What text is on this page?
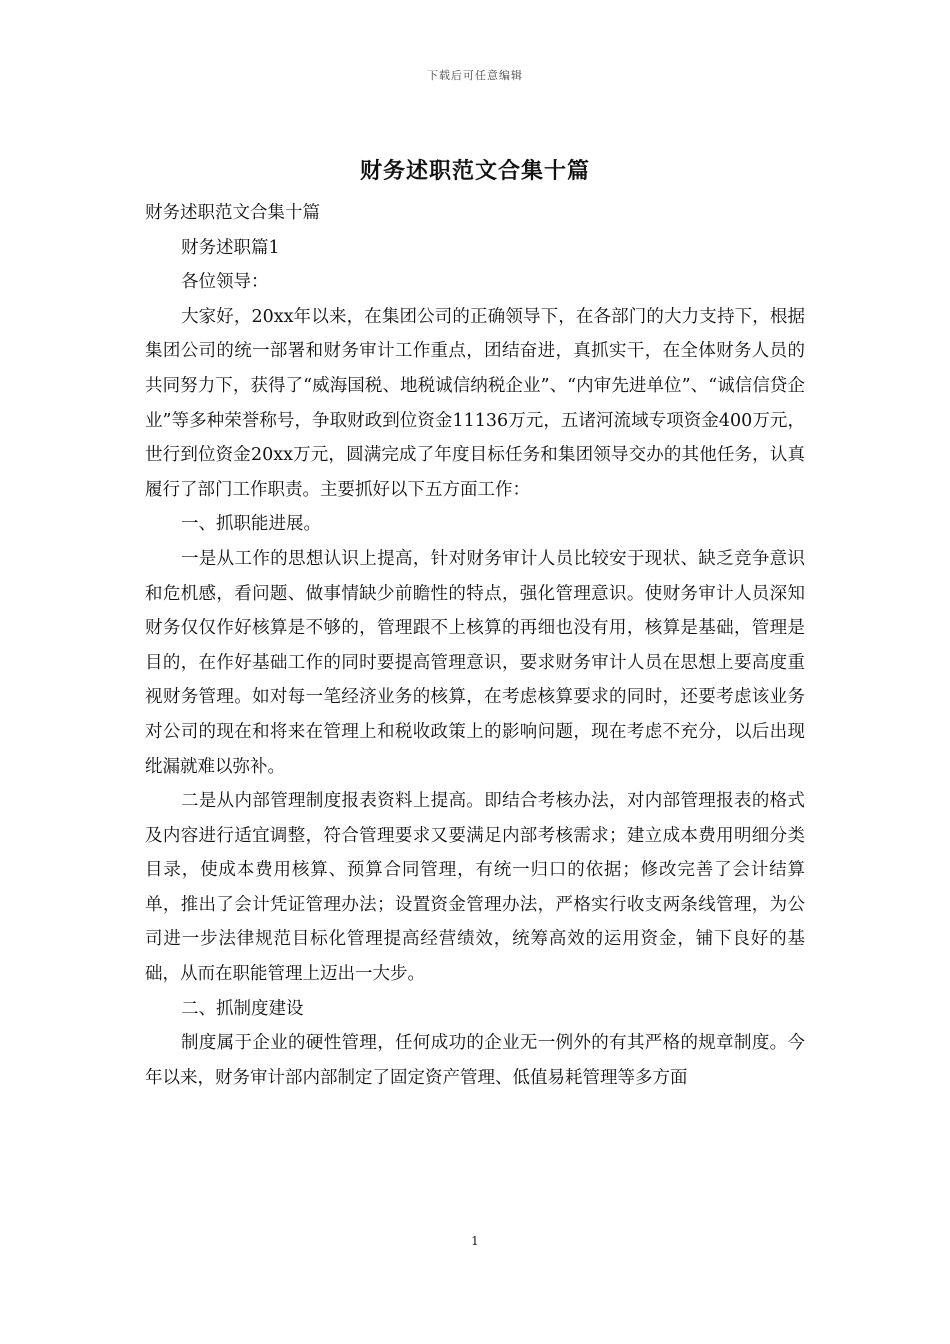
下载后可任意编辑
财务述职范文合集十篇

财务述职范文合集十篇

财务述职篇1

各位领导：

大家好，20xx年以来，在集团公司的正确领导下，在各部门的大力支持下，根据集团公司的统一部署和财务审计工作重点，团结奋进，真抓实干，在全体财务人员的共同努力下，获得了“威海国税、地税诚信纳税企业”、“内审先进单位”、“诚信信贷企业”等多种荣誉称号，争取财政到位资金11136万元，五诸河流域专项资金400万元，世行到位资金20xx万元，圆满完成了年度目标任务和集团领导交办的其他任务，认真履行了部门工作职责。主要抓好以下五方面工作：

一、抓职能进展。

一是从工作的思想认识上提高，针对财务审计人员比较安于现状、缺乏竞争意识和危机感，看问题、做事情缺少前瞻性的特点，强化管理意识。使财务审计人员深知财务仅仅作好核算是不够的，管理跟不上核算的再细也没有用，核算是基础，管理是目的，在作好基础工作的同时要提高管理意识，要求财务审计人员在思想上要高度重视财务管理。如对每一笔经济业务的核算，在考虑核算要求的同时，还要考虑该业务对公司的现在和将来在管理上和税收政策上的影响问题，现在考虑不充分，以后出现纰漏就难以弥补。

二是从内部管理制度报表资料上提高。即结合考核办法，对内部管理报表的格式及内容进行适宜调整，符合管理要求又要满足内部考核需求；建立成本费用明细分类目录，使成本费用核算、预算合同管理，有统一归口的依据；修改完善了会计结算单，推出了会计凭证管理办法；设置资金管理办法，严格实行收支两条线管理，为公司进一步法律规范目标化管理提高经营绩效，统筹高效的运用资金，铺下良好的基础，从而在职能管理上迈出一大步。

二、抓制度建设

制度属于企业的硬性管理，任何成功的企业无一例外的有其严格的规章制度。今年以来，财务审计部内部制定了固定资产管理、低值易耗管理等多方面

1
